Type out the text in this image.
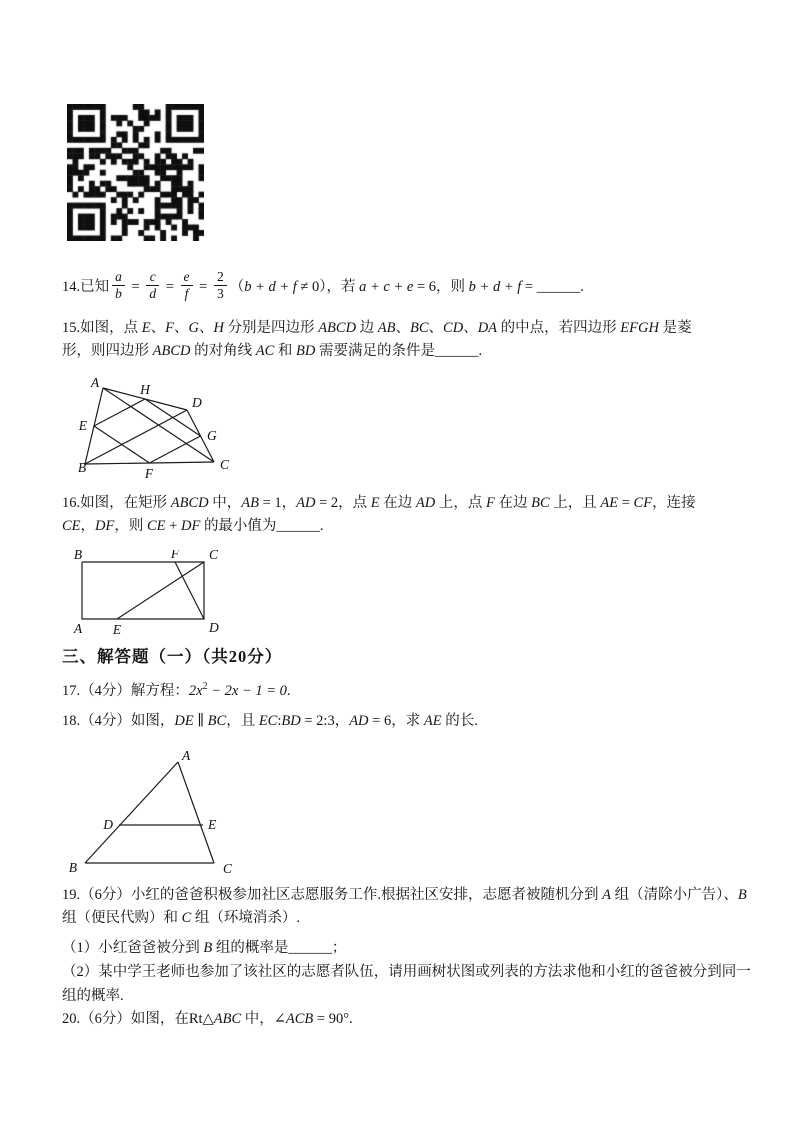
14.已知 $\frac{a}{b} = \frac{c}{d} = \frac{e}{f} = \frac{2}{3} (b + d + f \ne 0)$，若 a + c + e = 6，则 b + d + f = ______.
15.如图，点 E、F、G、H 分别是四边形 ABCD 边 AB、BC、CD、DA 的中点，若四边形 EFGH 是菱
形，则四边形 ABCD 的对角线 AC 和 BD 需要满足的条件是______.
A	H
D
E
G
B	C
F
16.如图，在矩形 ABCD 中，AB = 1，AD = 2，点 E 在边 AD 上，点 F 在边 BC 上，且 AE = CF，连接
CE，DF，则 CE + DF 的最小值为______.
B	F C
A E	D
三、解答题（一）（共20分）
17.（4分）解方程：$2x^2 - 2x - 1 = 0$.
18.（4分）如图，DE ∥ BC，且 EC:BD = 2:3，AD = 6，求 AE 的长.
A
D	E
B	C
19.（6分）小红的爸爸积极参加社区志愿服务工作.根据社区安排，志愿者被随机分到 A 组（清除小广告）、B
组（便民代购）和 C 组（环境消杀）.
（1）小红爸爸被分到 B 组的概率是______；
（2）某中学王老师也参加了该社区的志愿者队伍，请用画树状图或列表的方法求他和小红的爸爸被分到同一
组的概率.
20.（6分）如图，在Rt△ABC 中，∠ACB = 90°.
